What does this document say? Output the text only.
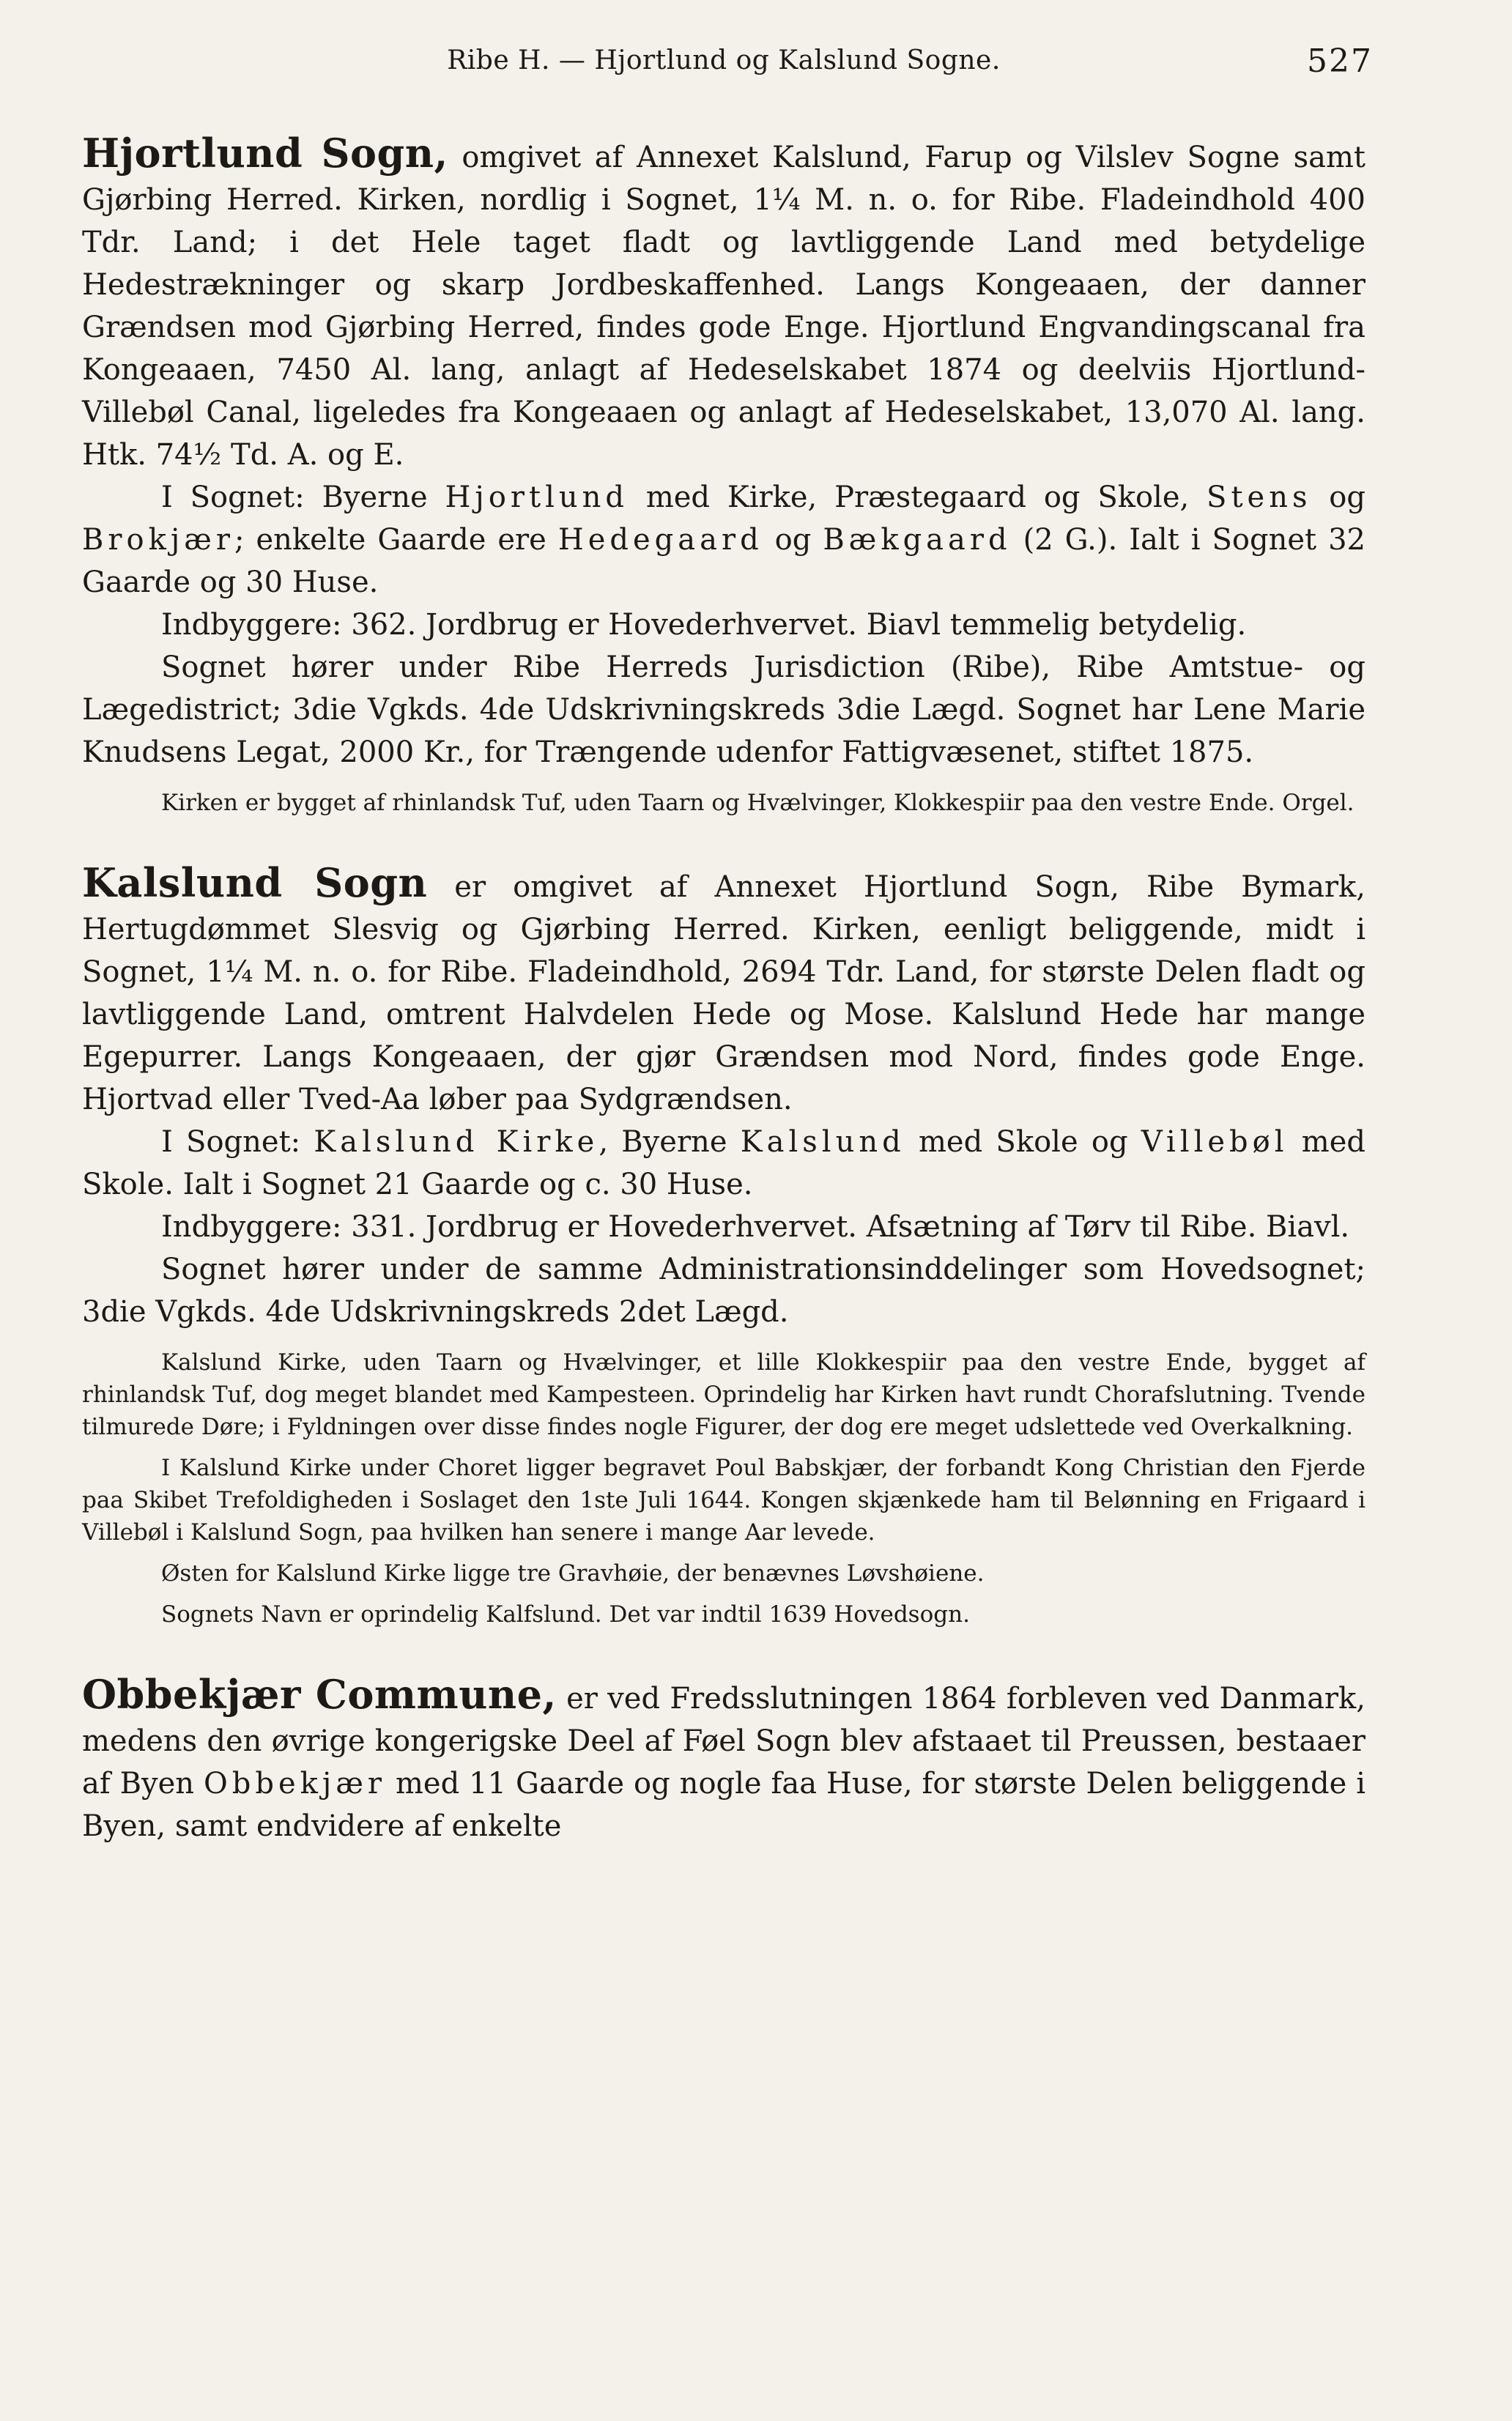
Ribe H. — Hjortlund og Kalslund Sogne.	527

Hjortlund Sogn, omgivet af Annexet Kalslund, Farup og Vilslev Sogne samt Gjørbing Herred. Kirken, nordlig i Sognet, 1¼ M. n. o. for Ribe. Fladeindhold 400 Tdr. Land; i det Hele taget fladt og lavtliggende Land med betydelige Hedestrækninger og skarp Jordbeskaffenhed. Langs Kongeaaen, der danner Grændsen mod Gjørbing Herred, findes gode Enge. Hjortlund Engvandingscanal fra Kongeaaen, 7450 Al. lang, anlagt af Hedeselskabet 1874 og deelviis Hjortlund-Villebøl Canal, ligeledes fra Kongeaaen og anlagt af Hedeselskabet, 13,070 Al. lang. Htk. 74½ Td. A. og E.

I Sognet: Byerne Hjortlund med Kirke, Præstegaard og Skole, Stens og Brokjær; enkelte Gaarde ere Hedegaard og Bækgaard (2 G.). Ialt i Sognet 32 Gaarde og 30 Huse.

Indbyggere: 362. Jordbrug er Hovederhvervet. Biavl temmelig betydelig.

Sognet hører under Ribe Herreds Jurisdiction (Ribe), Ribe Amtstue- og Lægedistrict; 3die Vgkds. 4de Udskrivningskreds 3die Lægd. Sognet har Lene Marie Knudsens Legat, 2000 Kr., for Trængende udenfor Fattigvæsenet, stiftet 1875.

Kirken er bygget af rhinlandsk Tuf, uden Taarn og Hvælvinger, Klokkespiir paa den vestre Ende. Orgel.

Kalslund Sogn er omgivet af Annexet Hjortlund Sogn, Ribe Bymark, Hertugdømmet Slesvig og Gjørbing Herred. Kirken, eenligt beliggende, midt i Sognet, 1¼ M. n. o. for Ribe. Fladeindhold, 2694 Tdr. Land, for største Delen fladt og lavtliggende Land, omtrent Halvdelen Hede og Mose. Kalslund Hede har mange Egepurrer. Langs Kongeaaen, der gjør Grændsen mod Nord, findes gode Enge. Hjortvad eller Tved-Aa løber paa Sydgrændsen.

I Sognet: Kalslund Kirke, Byerne Kalslund med Skole og Villebøl med Skole. Ialt i Sognet 21 Gaarde og c. 30 Huse.

Indbyggere: 331. Jordbrug er Hovederhvervet. Afsætning af Tørv til Ribe. Biavl.

Sognet hører under de samme Administrationsinddelinger som Hovedsognet; 3die Vgkds. 4de Udskrivningskreds 2det Lægd.

Kalslund Kirke, uden Taarn og Hvælvinger, et lille Klokkespiir paa den vestre Ende, bygget af rhinlandsk Tuf, dog meget blandet med Kampesteen. Oprindelig har Kirken havt rundt Chorafslutning. Tvende tilmurede Døre; i Fyldningen over disse findes nogle Figurer, der dog ere meget udslettede ved Overkalkning.

I Kalslund Kirke under Choret ligger begravet Poul Babskjær, der forbandt Kong Christian den Fjerde paa Skibet Trefoldigheden i Soslaget den 1ste Juli 1644. Kongen skjænkede ham til Belønning en Frigaard i Villebøl i Kalslund Sogn, paa hvilken han senere i mange Aar levede.

Østen for Kalslund Kirke ligge tre Gravhøie, der benævnes Løvshøiene.

Sognets Navn er oprindelig Kalfslund. Det var indtil 1639 Hovedsogn.

Obbekjær Commune, er ved Fredsslutningen 1864 forbleven ved Danmark, medens den øvrige kongerigske Deel af Føel Sogn blev afstaaet til Preussen, bestaaer af Byen Obbekjær med 11 Gaarde og nogle faa Huse, for største Delen beliggende i Byen, samt endvidere af enkelte
